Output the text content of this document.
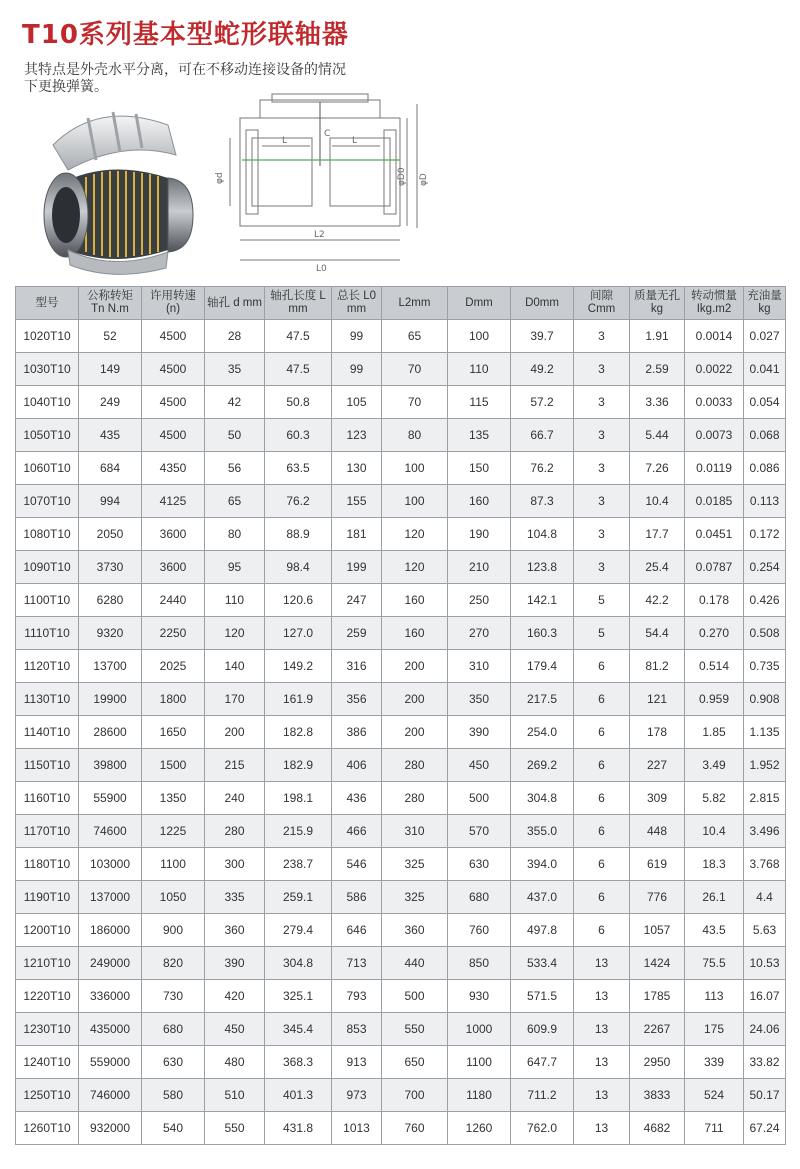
T10系列基本型蛇形联轴器
其特点是外壳水平分离，可在不移动连接设备的情况下更换弹簧。
L0
L2
L	L
C
φd	φD0 φD
型号	公称转矩 Tn N.m	许用转速 (n)	轴孔 d mm	轴孔长度 L mm	总长 L0 mm	L2mm	Dmm	D0mm	间隙 Cmm	质量无孔 kg	转动惯量 Ikg.m2	充油量 kg
1020T10	52	4500	28	47.5	99	65	100	39.7	3	1.91	0.0014	0.027
1030T10	149	4500	35	47.5	99	70	110	49.2	3	2.59	0.0022	0.041
1040T10	249	4500	42	50.8	105	70	115	57.2	3	3.36	0.0033	0.054
1050T10	435	4500	50	60.3	123	80	135	66.7	3	5.44	0.0073	0.068
1060T10	684	4350	56	63.5	130	100	150	76.2	3	7.26	0.0119	0.086
1070T10	994	4125	65	76.2	155	100	160	87.3	3	10.4	0.0185	0.113
1080T10	2050	3600	80	88.9	181	120	190	104.8	3	17.7	0.0451	0.172
1090T10	3730	3600	95	98.4	199	120	210	123.8	3	25.4	0.0787	0.254
1100T10	6280	2440	110	120.6	247	160	250	142.1	5	42.2	0.178	0.426
1110T10	9320	2250	120	127.0	259	160	270	160.3	5	54.4	0.270	0.508
1120T10	13700	2025	140	149.2	316	200	310	179.4	6	81.2	0.514	0.735
1130T10	19900	1800	170	161.9	356	200	350	217.5	6	121	0.959	0.908
1140T10	28600	1650	200	182.8	386	200	390	254.0	6	178	1.85	1.135
1150T10	39800	1500	215	182.9	406	280	450	269.2	6	227	3.49	1.952
1160T10	55900	1350	240	198.1	436	280	500	304.8	6	309	5.82	2.815
1170T10	74600	1225	280	215.9	466	310	570	355.0	6	448	10.4	3.496
1180T10	103000	1100	300	238.7	546	325	630	394.0	6	619	18.3	3.768
1190T10	137000	1050	335	259.1	586	325	680	437.0	6	776	26.1	4.4
1200T10	186000	900	360	279.4	646	360	760	497.8	6	1057	43.5	5.63
1210T10	249000	820	390	304.8	713	440	850	533.4	13	1424	75.5	10.53
1220T10	336000	730	420	325.1	793	500	930	571.5	13	1785	113	16.07
1230T10	435000	680	450	345.4	853	550	1000	609.9	13	2267	175	24.06
1240T10	559000	630	480	368.3	913	650	1100	647.7	13	2950	339	33.82
1250T10	746000	580	510	401.3	973	700	1180	711.2	13	3833	524	50.17
1260T10	932000	540	550	431.8	1013	760	1260	762.0	13	4682	711	67.24
